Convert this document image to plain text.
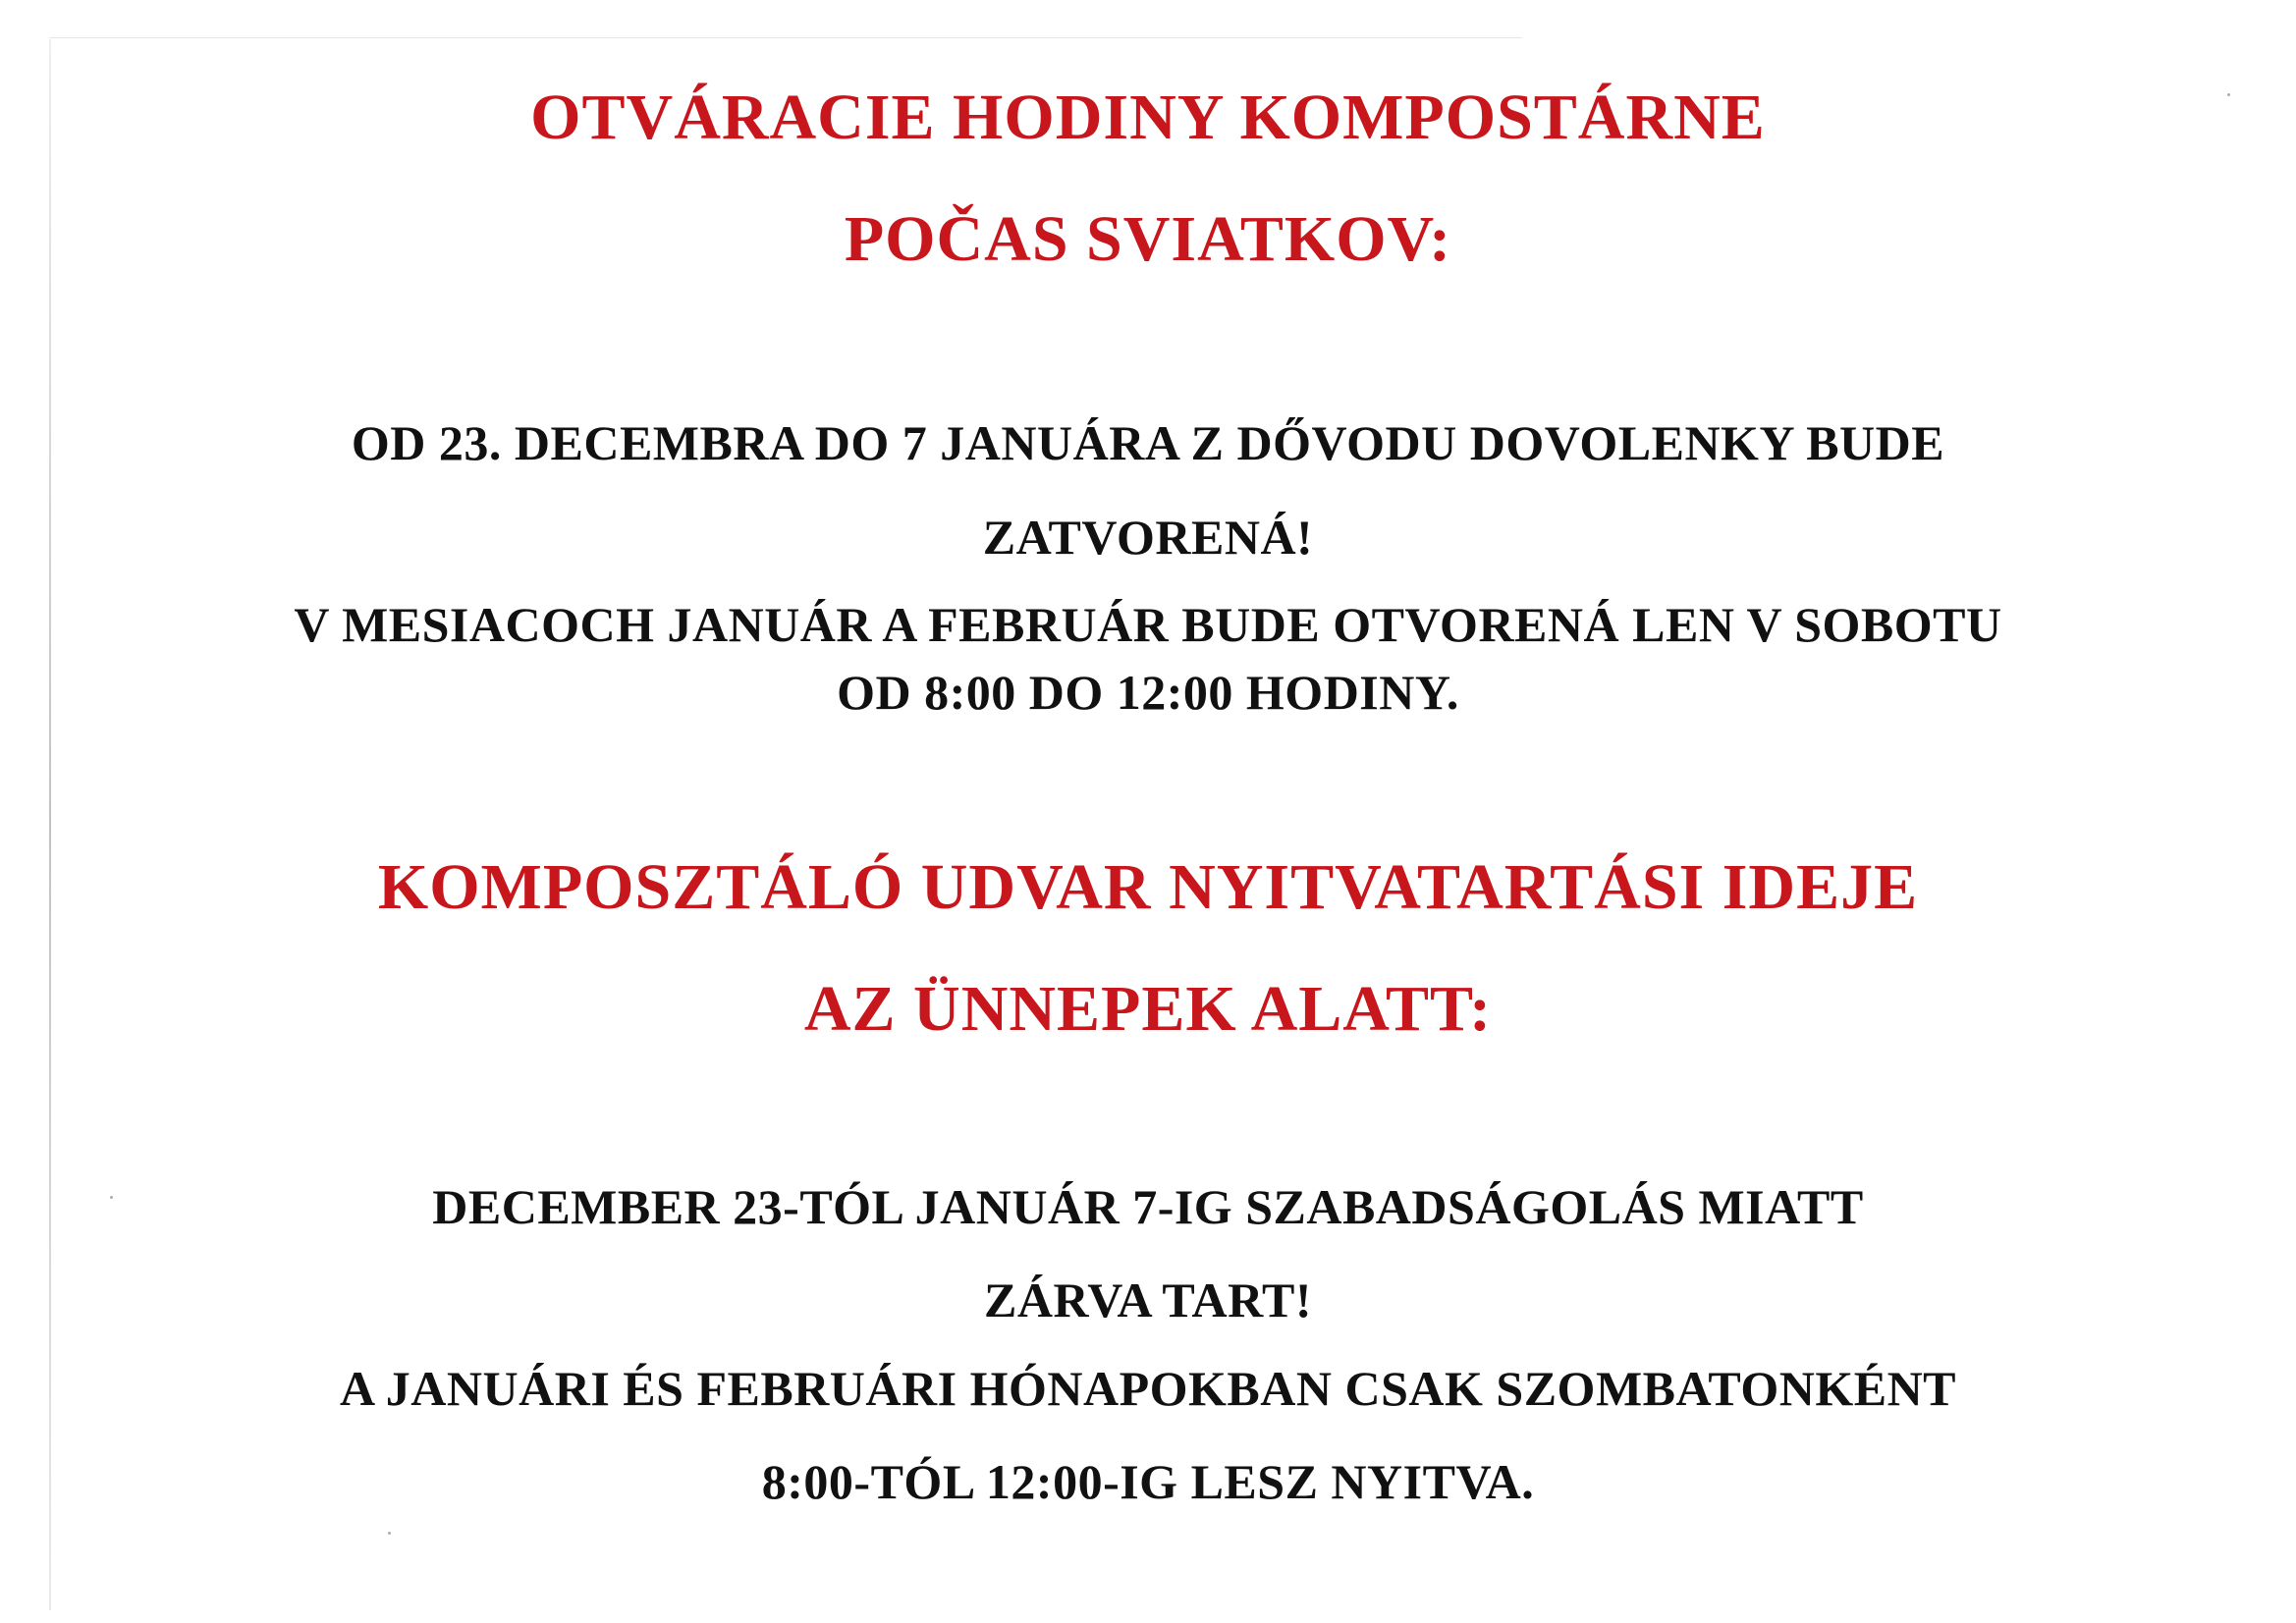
OTVÁRACIE HODINY KOMPOSTÁRNE
POČAS SVIATKOV:

OD 23. DECEMBRA DO 7 JANUÁRA Z DŐVODU DOVOLENKY BUDE

ZATVORENÁ!

V MESIACOCH JANUÁR A FEBRUÁR BUDE OTVORENÁ LEN V SOBOTU

OD 8:00 DO 12:00 HODINY.

KOMPOSZTÁLÓ UDVAR NYITVATARTÁSI IDEJE
AZ ÜNNEPEK ALATT:

DECEMBER 23-TÓL JANUÁR 7-IG SZABADSÁGOLÁS MIATT

ZÁRVA TART!

A JANUÁRI ÉS FEBRUÁRI HÓNAPOKBAN CSAK SZOMBATONKÉNT

8:00-TÓL 12:00-IG LESZ NYITVA.
